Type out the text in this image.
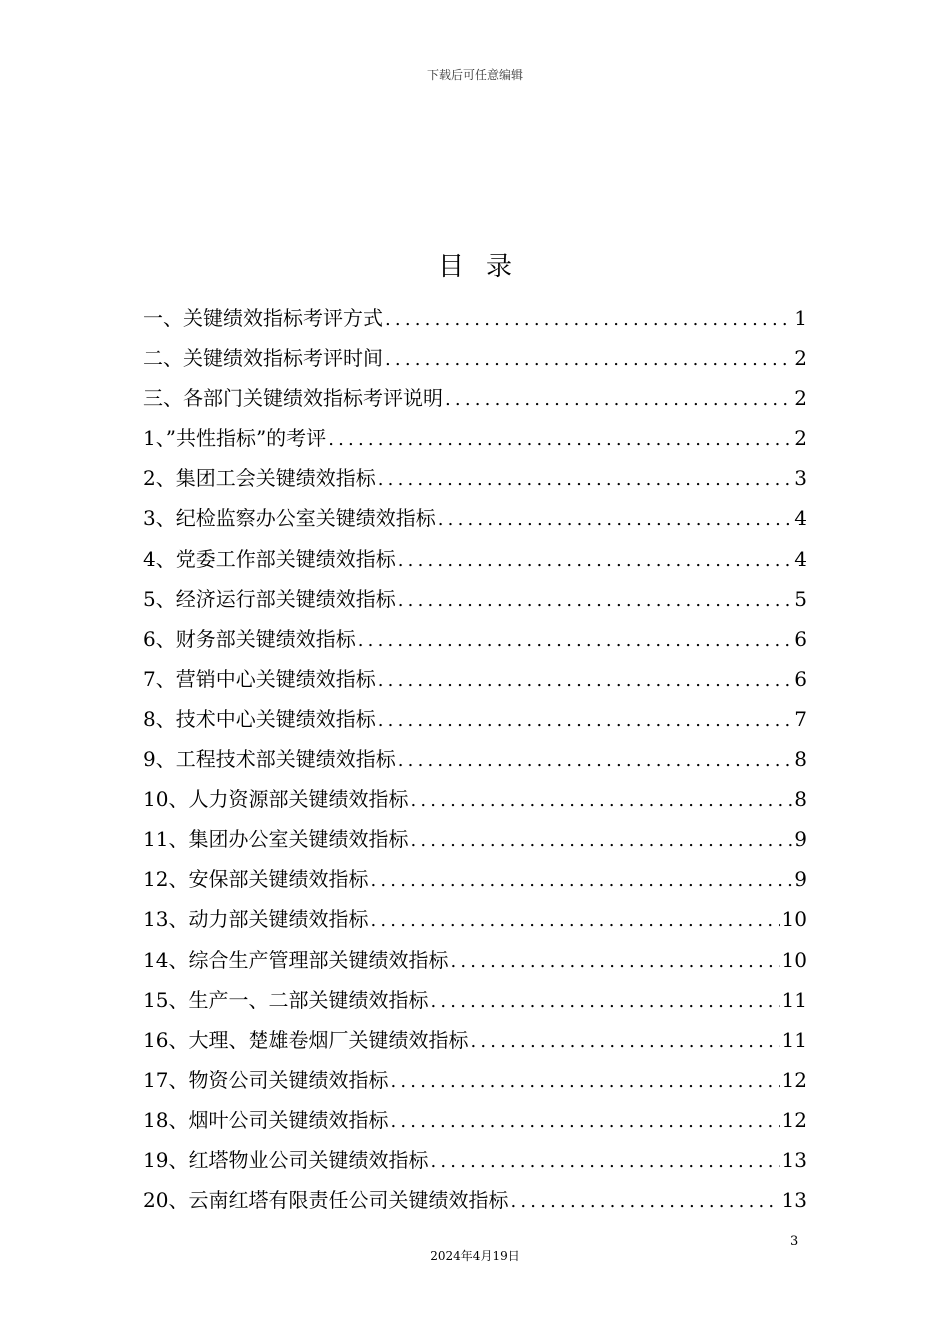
下载后可任意编辑
目录
一、关键绩效指标考评方式 .....	1
二、关键绩效指标考评时间 .....	2
三、各部门关键绩效指标考评说明 .....	2
1、”共性指标”的考评 .....	2
2、集团工会关键绩效指标 .....	3
3、纪检监察办公室关键绩效指标 .....	4
4、党委工作部关键绩效指标 .....	4
5、经济运行部关键绩效指标 .....	5
6、财务部关键绩效指标 .....	6
7、营销中心关键绩效指标 .....	6
8、技术中心关键绩效指标 .....	7
9、工程技术部关键绩效指标 .....	8
10、人力资源部关键绩效指标 .....	8
11、集团办公室关键绩效指标 .....	9
12、安保部关键绩效指标 .....	9
13、动力部关键绩效指标 .....	10
14、综合生产管理部关键绩效指标 .....	10
15、生产一、二部关键绩效指标 .....	11
16、大理、楚雄卷烟厂关键绩效指标 .....	11
17、物资公司关键绩效指标 .....	12
18、烟叶公司关键绩效指标 .....	12
19、红塔物业公司关键绩效指标 .....	13
20、云南红塔有限责任公司关键绩效指标 .....	13
3
2024年4月19日
